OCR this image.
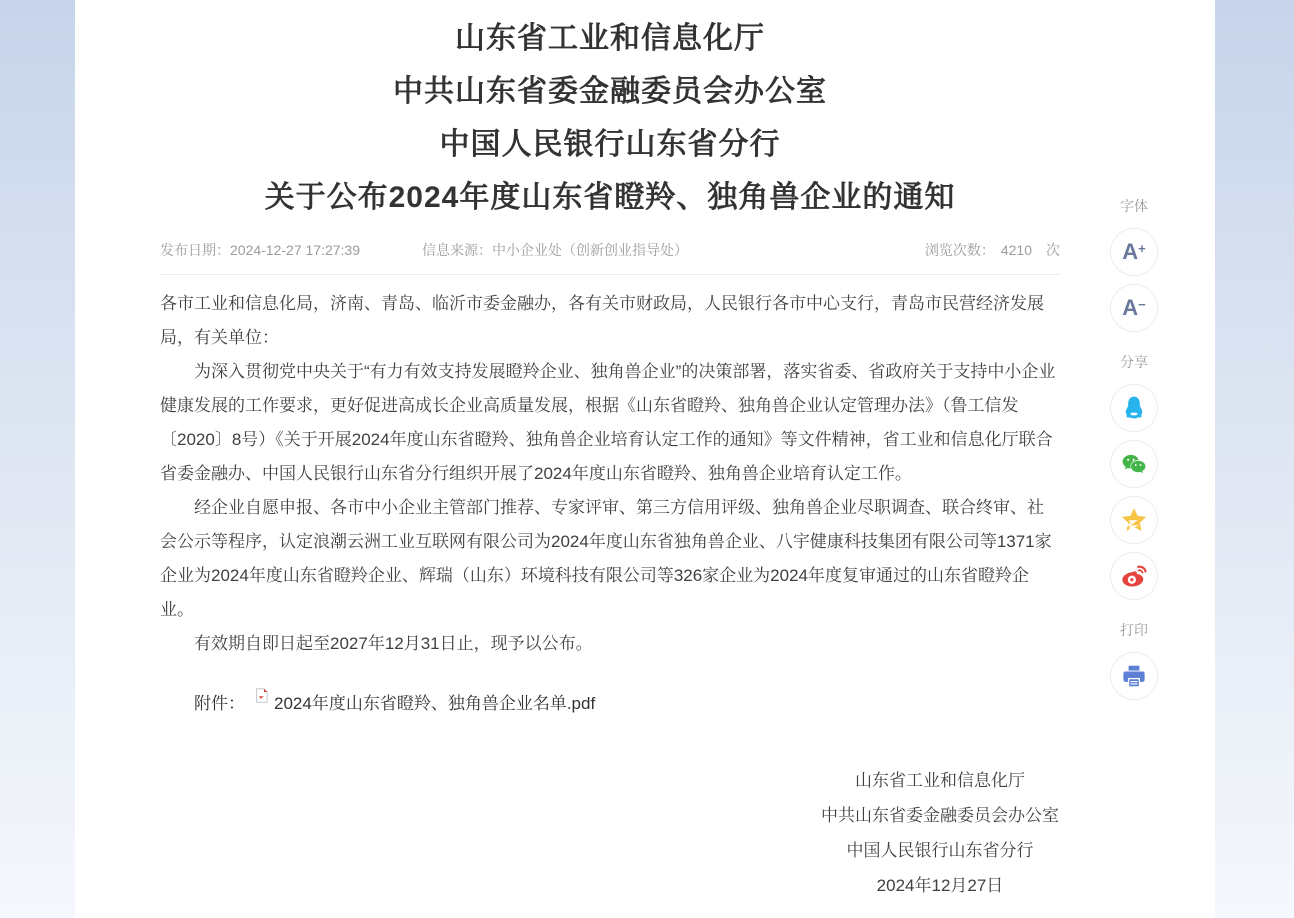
山东省工业和信息化厅
中共山东省委金融委员会办公室
中国人民银行山东省分行
关于公布2024年度山东省瞪羚、独角兽企业的通知
发布日期：2024-12-27 17:27:39	信息来源：中小企业处（创新创业指导处）	浏览次数： 4210 次

各市工业和信息化局，济南、青岛、临沂市委金融办，各有关市财政局，人民银行各市中心支行，青岛市民营经济发展局，有关单位：

为深入贯彻党中央关于“有力有效支持发展瞪羚企业、独角兽企业”的决策部署，落实省委、省政府关于支持中小企业健康发展的工作要求，更好促进高成长企业高质量发展，根据《山东省瞪羚、独角兽企业认定管理办法》（鲁工信发〔2020〕8号）《关于开展2024年度山东省瞪羚、独角兽企业培育认定工作的通知》等文件精神，省工业和信息化厅联合省委金融办、中国人民银行山东省分行组织开展了2024年度山东省瞪羚、独角兽企业培育认定工作。

经企业自愿申报、各市中小企业主管部门推荐、专家评审、第三方信用评级、独角兽企业尽职调查、联合终审、社会公示等程序，认定浪潮云洲工业互联网有限公司为2024年度山东省独角兽企业、八宇健康科技集团有限公司等1371家企业为2024年度山东省瞪羚企业、辉瑞（山东）环境科技有限公司等326家企业为2024年度复审通过的山东省瞪羚企业。

有效期自即日起至2027年12月31日止，现予以公布。

附件： 2024年度山东省瞪羚、独角兽企业名单.pdf
山东省工业和信息化厅
中共山东省委金融委员会办公室
中国人民银行山东省分行
2024年12月27日
字体
A+
A−
分享
打印
